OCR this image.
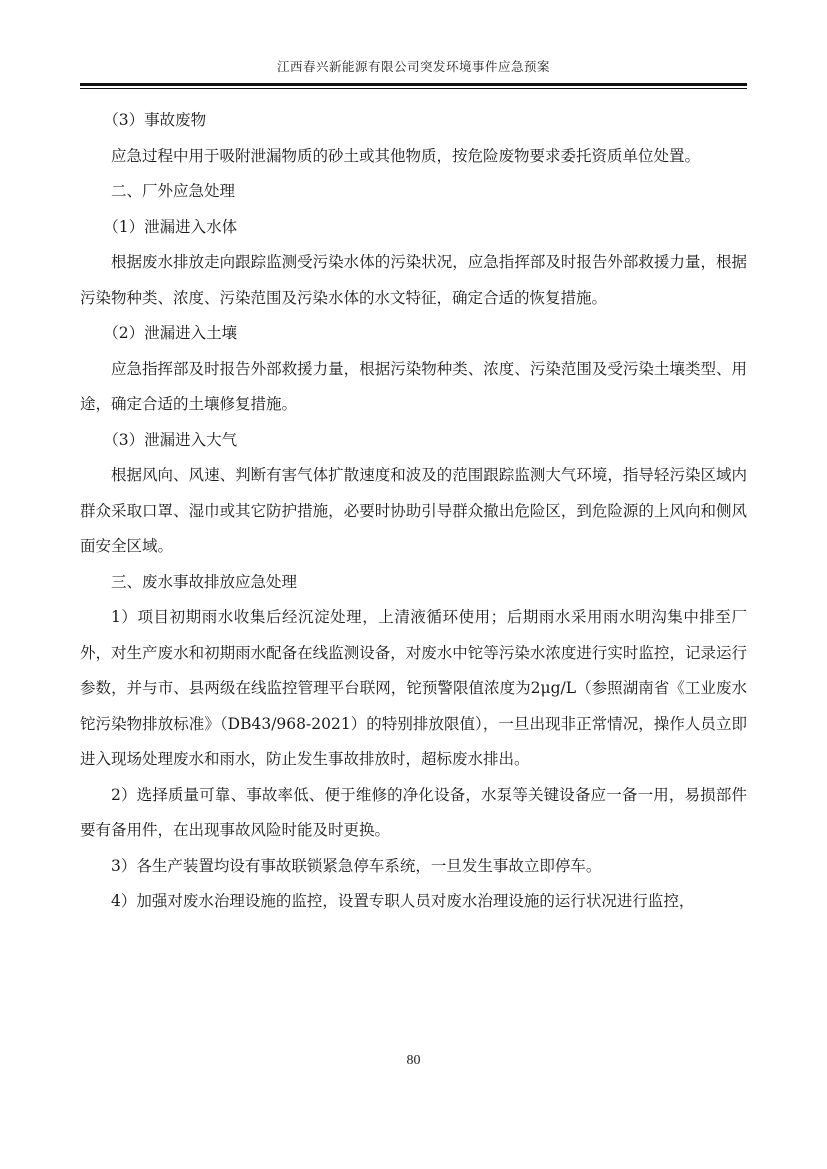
江西春兴新能源有限公司突发环境事件应急预案

（3）事故废物

应急过程中用于吸附泄漏物质的砂土或其他物质，按危险废物要求委托资质单位处置。

二、厂外应急处理

（1）泄漏进入水体

根据废水排放走向跟踪监测受污染水体的污染状况，应急指挥部及时报告外部救援力量，根据污染物种类、浓度、污染范围及污染水体的水文特征，确定合适的恢复措施。

（2）泄漏进入土壤

应急指挥部及时报告外部救援力量，根据污染物种类、浓度、污染范围及受污染土壤类型、用途，确定合适的土壤修复措施。

（3）泄漏进入大气

根据风向、风速、判断有害气体扩散速度和波及的范围跟踪监测大气环境，指导轻污染区域内群众采取口罩、湿巾或其它防护措施，必要时协助引导群众撤出危险区，到危险源的上风向和侧风面安全区域。

三、废水事故排放应急处理

1）项目初期雨水收集后经沉淀处理，上清液循环使用；后期雨水采用雨水明沟集中排至厂外，对生产废水和初期雨水配备在线监测设备，对废水中铊等污染水浓度进行实时监控，记录运行参数，并与市、县两级在线监控管理平台联网，铊预警限值浓度为2μg/L（参照湖南省《工业废水铊污染物排放标准》（DB43/968-2021）的特别排放限值），一旦出现非正常情况，操作人员立即进入现场处理废水和雨水，防止发生事故排放时，超标废水排出。

2）选择质量可靠、事故率低、便于维修的净化设备，水泵等关键设备应一备一用，易损部件要有备用件，在出现事故风险时能及时更换。

3）各生产装置均设有事故联锁紧急停车系统，一旦发生事故立即停车。

4）加强对废水治理设施的监控，设置专职人员对废水治理设施的运行状况进行监控，

80
